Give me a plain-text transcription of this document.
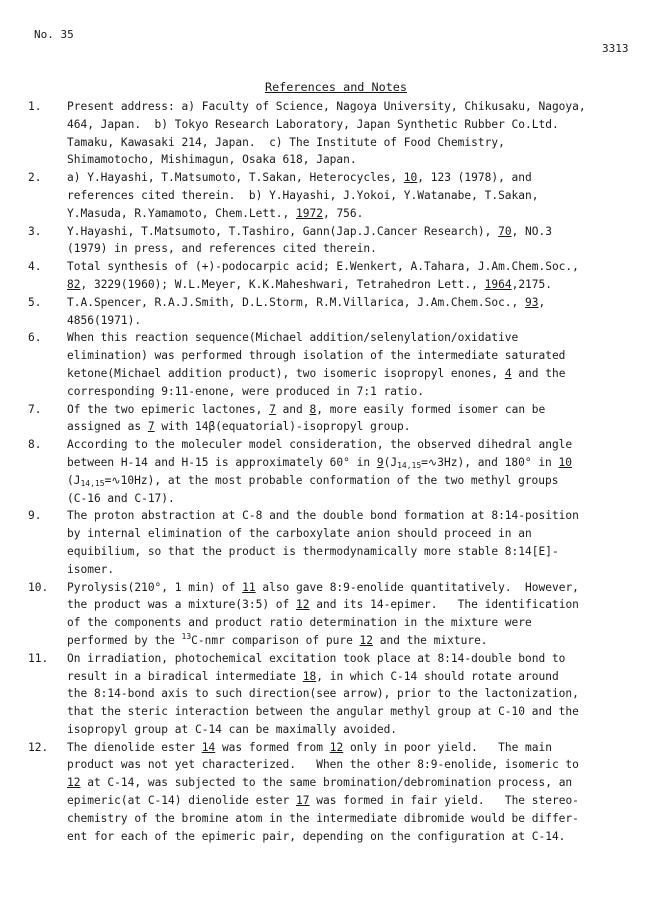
No. 35
3313
References and Notes
1. Present address: a) Faculty of Science, Nagoya University, Chikusaku, Nagoya,
464, Japan.  b) Tokyo Research Laboratory, Japan Synthetic Rubber Co.Ltd.
Tamaku, Kawasaki 214, Japan.  c) The Institute of Food Chemistry,
Shimamotocho, Mishimagun, Osaka 618, Japan.
2. a) Y.Hayashi, T.Matsumoto, T.Sakan, Heterocycles, 10, 123 (1978), and
references cited therein.  b) Y.Hayashi, J.Yokoi, Y.Watanabe, T.Sakan,
Y.Masuda, R.Yamamoto, Chem.Lett., 1972, 756.
3. Y.Hayashi, T.Matsumoto, T.Tashiro, Gann(Jap.J.Cancer Research), 70, NO.3
(1979) in press, and references cited therein.
4. Total synthesis of (+)-podocarpic acid; E.Wenkert, A.Tahara, J.Am.Chem.Soc.,
82, 3229(1960); W.L.Meyer, K.K.Maheshwari, Tetrahedron Lett., 1964,2175.
5. T.A.Spencer, R.A.J.Smith, D.L.Storm, R.M.Villarica, J.Am.Chem.Soc., 93,
4856(1971).
6. When this reaction sequence(Michael addition/selenylation/oxidative
elimination) was performed through isolation of the intermediate saturated
ketone(Michael addition product), two isomeric isopropyl enones, 4 and the
corresponding 9:11-enone, were produced in 7:1 ratio.
7. Of the two epimeric lactones, 7 and 8, more easily formed isomer can be
assigned as 7 with 14β(equatorial)-isopropyl group.
8. According to the moleculer model consideration, the observed dihedral angle
between H-14 and H-15 is approximately 60° in $9(J_{14,15}=∿3Hz)$, and 180° in 10
$(J_{14,15}=∿10Hz)$, at the most probable conformation of the two methyl groups
(C-16 and C-17).
9. The proton abstraction at C-8 and the double bond formation at 8:14-position
by internal elimination of the carboxylate anion should proceed in an
equibilium, so that the product is thermodynamically more stable 8:14[E]-
isomer.
10. Pyrolysis(210°, 1 min) of 11 also gave 8:9-enolide quantitatively.  However,
the product was a mixture(3:5) of 12 and its 14-epimer.   The identification
of the components and product ratio determination in the mixture were
performed by the $^{13}$C-nmr comparison of pure 12 and the mixture.
11. On irradiation, photochemical excitation took place at 8:14-double bond to
result in a biradical intermediate 18, in which C-14 should rotate around
the 8:14-bond axis to such direction(see arrow), prior to the lactonization,
that the steric interaction between the angular methyl group at C-10 and the
isopropyl group at C-14 can be maximally avoided.
12. The dienolide ester 14 was formed from 12 only in poor yield.   The main
product was not yet characterized.   When the other 8:9-enolide, isomeric to
12 at C-14, was subjected to the same bromination/debromination process, an
epimeric(at C-14) dienolide ester 17 was formed in fair yield.   The stereo-
chemistry of the bromine atom in the intermediate dibromide would be differ-
ent for each of the epimeric pair, depending on the configuration at C-14.
